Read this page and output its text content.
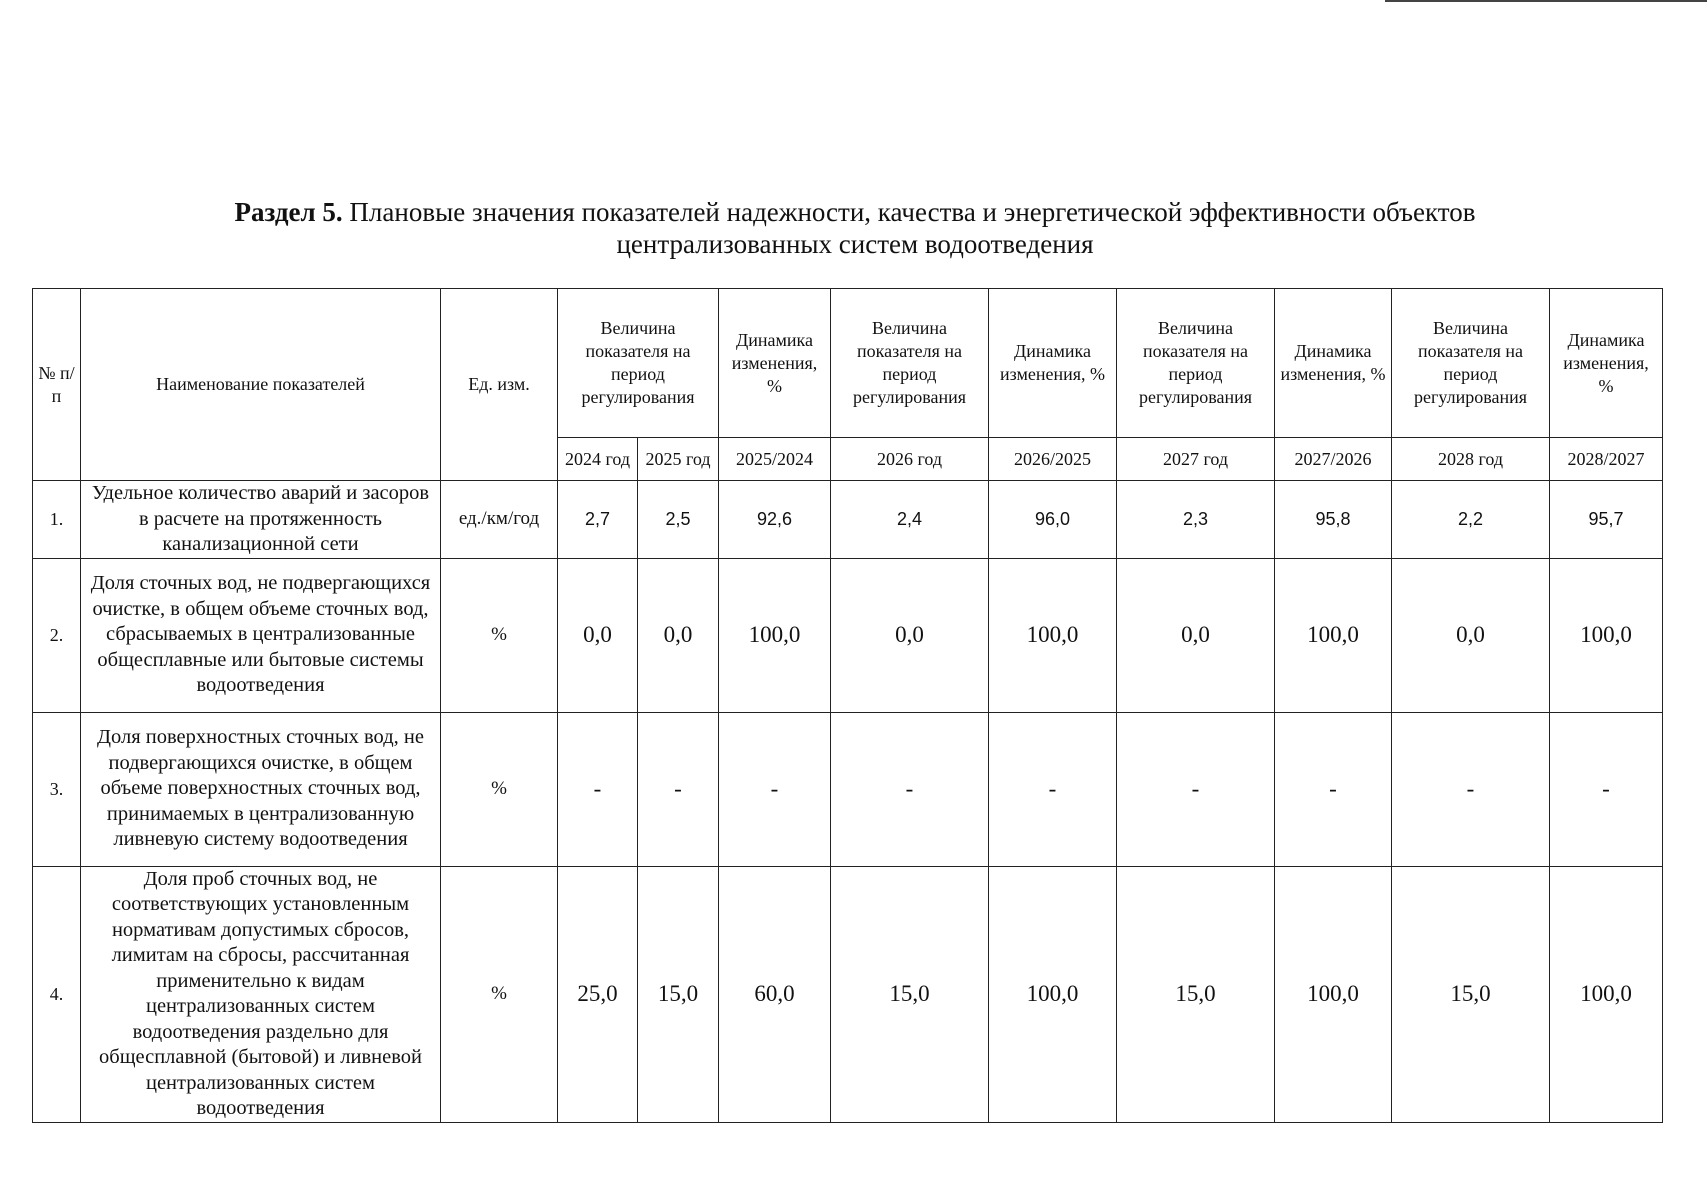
Раздел 5. Плановые значения показателей надежности, качества и энергетической эффективности объектов
централизованных систем водоотведения
№ п/п	Наименование показателей	Ед. изм.	Величина показателя на период регулирования		Динамика изменения, %	Величина показателя на период регулирования	Динамика изменения, %	Величина показателя на период регулирования	Динамика изменения, %	Величина показателя на период регулирования	Динамика изменения, %
			2024 год	2025 год	2025/2024	2026 год	2026/2025	2027 год	2027/2026	2028 год	2028/2027
1.	Удельное количество аварий и засоров в расчете на протяженность канализационной сети	ед./км/год	2,7	2,5	92,6	2,4	96,0	2,3	95,8	2,2	95,7
2.	Доля сточных вод, не подвергающихся очистке, в общем объеме сточных вод, сбрасываемых в централизованные общесплавные или бытовые системы водоотведения	%	0,0	0,0	100,0	0,0	100,0	0,0	100,0	0,0	100,0
3.	Доля поверхностных сточных вод, не подвергающихся очистке, в общем объеме поверхностных сточных вод, принимаемых в централизованную ливневую систему водоотведения	%	-	-	-	-	-	-	-	-	-
4.	Доля проб сточных вод, не соответствующих установленным нормативам допустимых сбросов, лимитам на сбросы, рассчитанная применительно к видам централизованных систем водоотведения раздельно для общесплавной (бытовой) и ливневой централизованных систем водоотведения	%	25,0	15,0	60,0	15,0	100,0	15,0	100,0	15,0	100,0
